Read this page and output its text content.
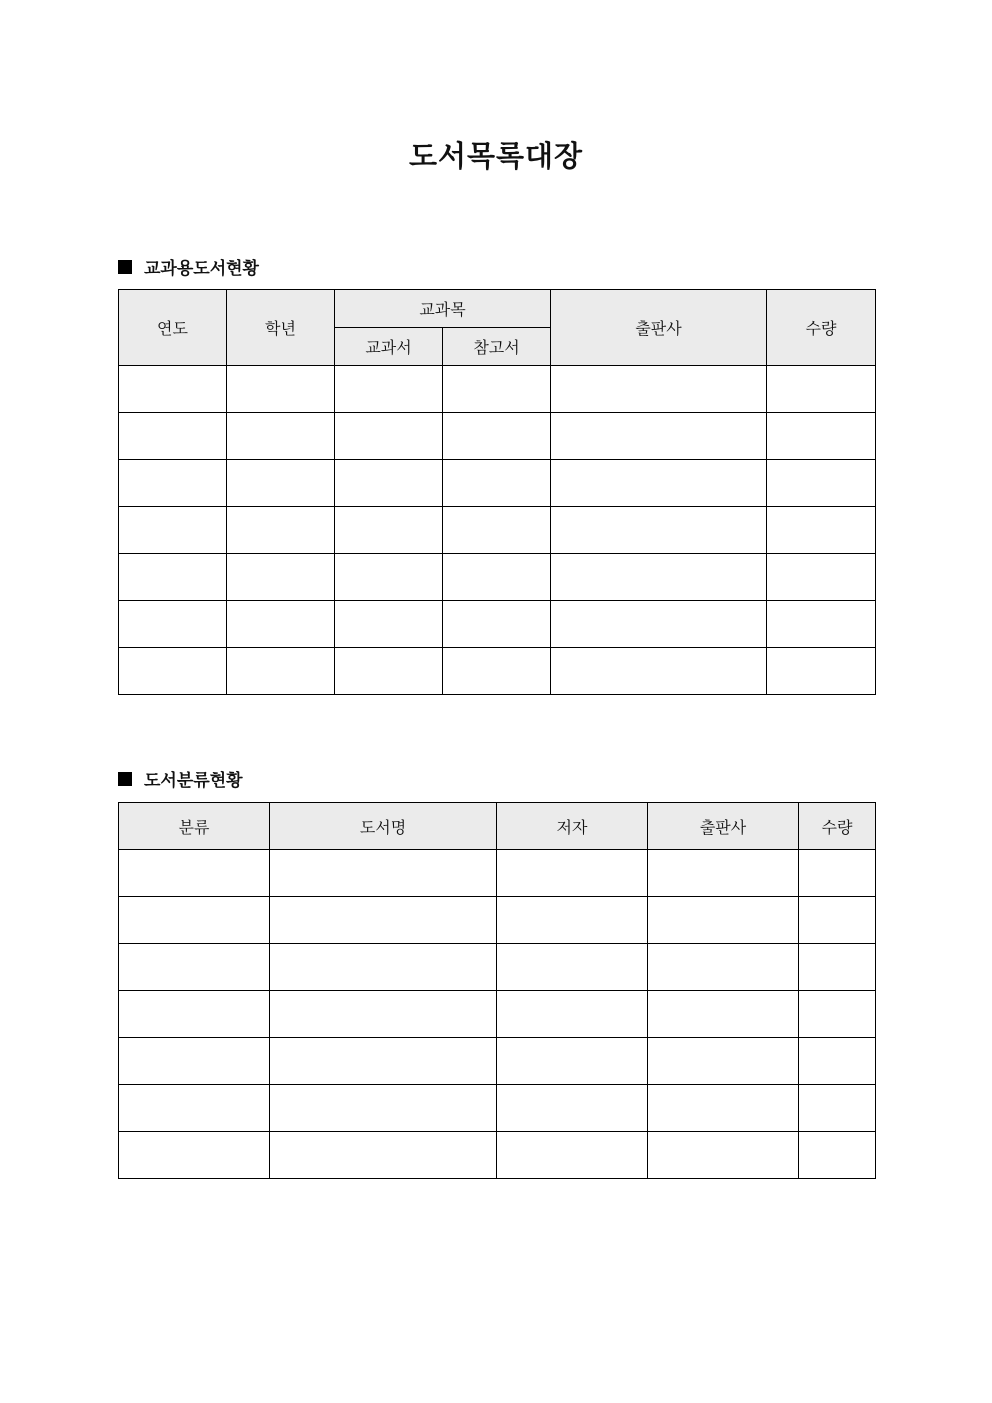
도서목록대장
교과용도서현황
연도	학년	교과목		출판사	수량
		교과서	참고서		

도서분류현황
분류	도서명	저자	출판사	수량
